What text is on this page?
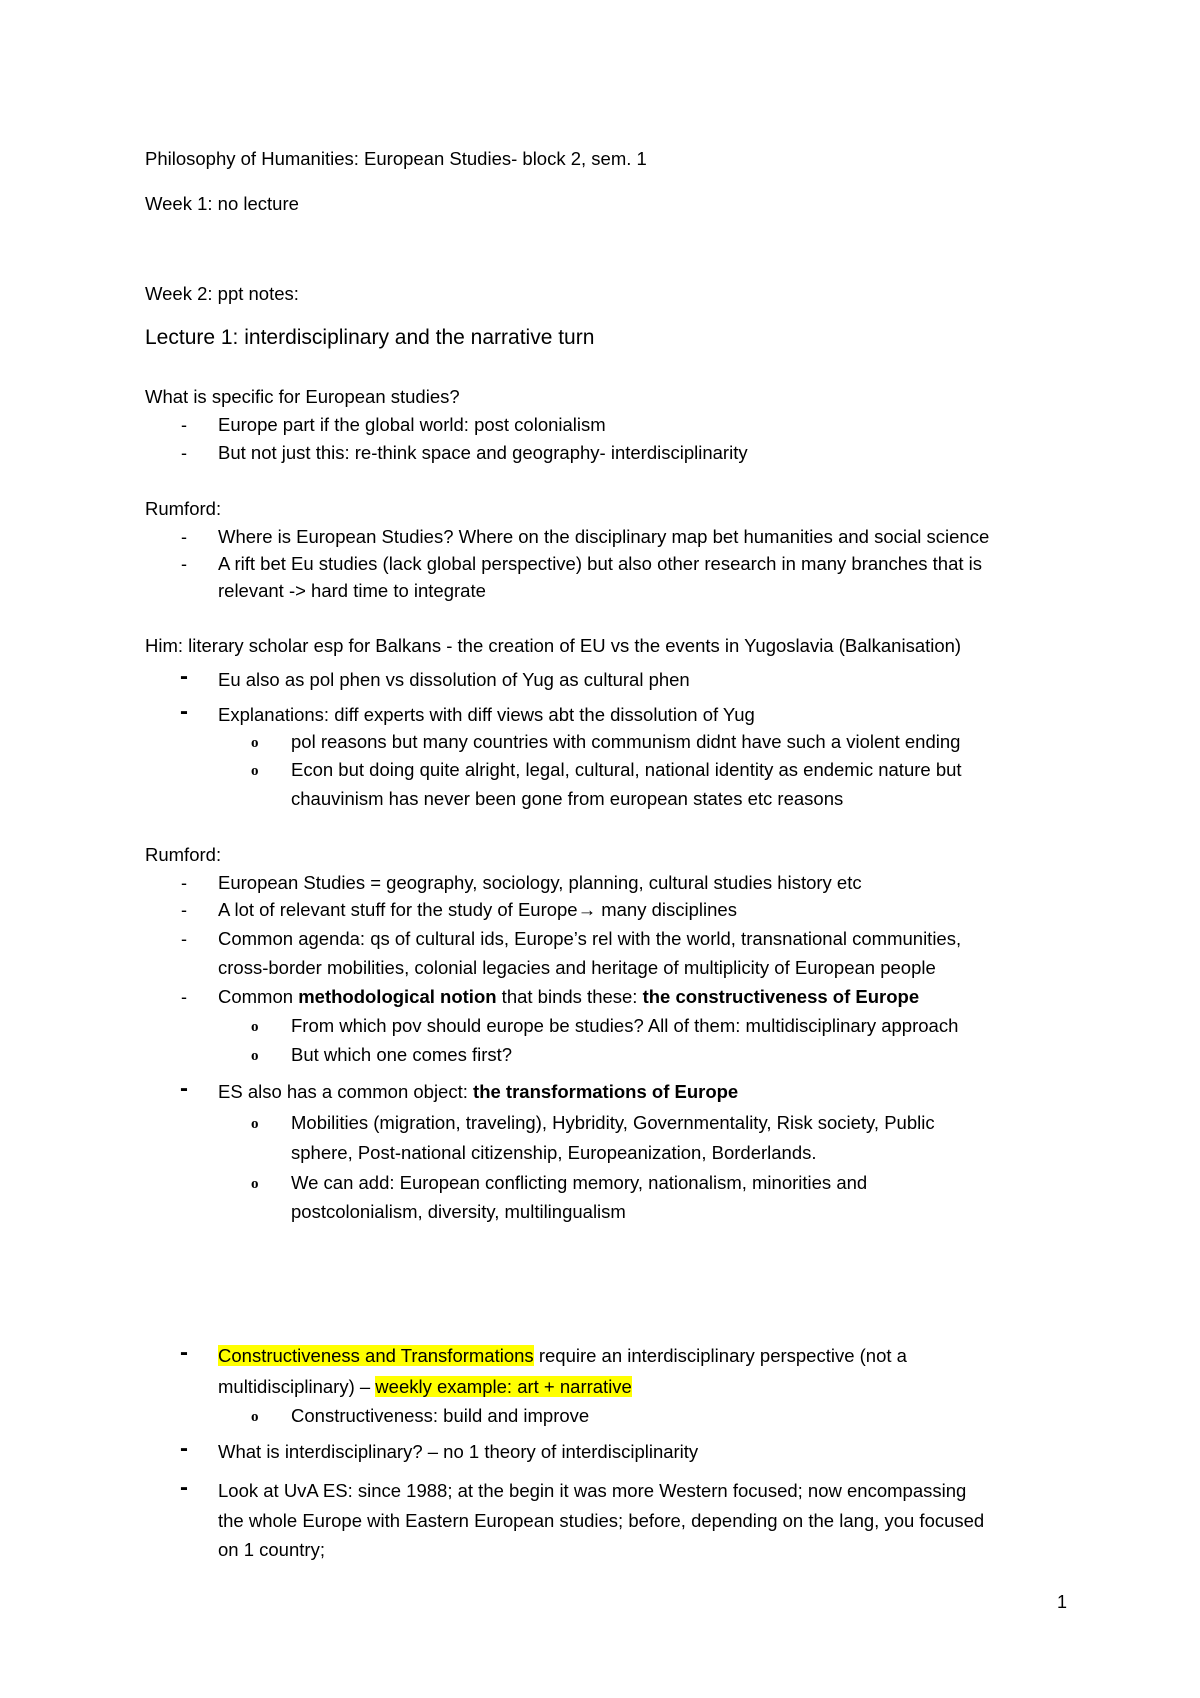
Philosophy of Humanities: European Studies- block 2, sem. 1
Week 1: no lecture
Week 2: ppt notes:
Lecture 1: interdisciplinary and the narrative turn
What is specific for European studies?
- Europe part if the global world: post colonialism
- But not just this: re-think space and geography- interdisciplinarity
Rumford:
- Where is European Studies? Where on the disciplinary map bet humanities and social science
- A rift bet Eu studies (lack global perspective) but also other research in many branches that is
relevant -> hard time to integrate
Him: literary scholar esp for Balkans - the creation of EU vs the events in Yugoslavia (Balkanisation)
- Eu also as pol phen vs dissolution of Yug as cultural phen
- Explanations: diff experts with diff views abt the dissolution of Yug
o pol reasons but many countries with communism didnt have such a violent ending
o Econ but doing quite alright, legal, cultural, national identity as endemic nature but
chauvinism has never been gone from european states etc reasons
Rumford:
- European Studies = geography, sociology, planning, cultural studies history etc
- A lot of relevant stuff for the study of Europe→ many disciplines
- Common agenda: qs of cultural ids, Europe’s rel with the world, transnational communities,
cross-border mobilities, colonial legacies and heritage of multiplicity of European people
- Common methodological notion that binds these: the constructiveness of Europe
o From which pov should europe be studies? All of them: multidisciplinary approach
o But which one comes first?
- ES also has a common object: the transformations of Europe
o Mobilities (migration, traveling), Hybridity, Governmentality, Risk society, Public
sphere, Post-national citizenship, Europeanization, Borderlands.
o We can add: European conflicting memory, nationalism, minorities and
postcolonialism, diversity, multilingualism
- Constructiveness and Transformations require an interdisciplinary perspective (not a
multidisciplinary) – weekly example: art + narrative
o Constructiveness: build and improve
- What is interdisciplinary? – no 1 theory of interdisciplinarity
- Look at UvA ES: since 1988; at the begin it was more Western focused; now encompassing
the whole Europe with Eastern European studies; before, depending on the lang, you focused
on 1 country;
1
